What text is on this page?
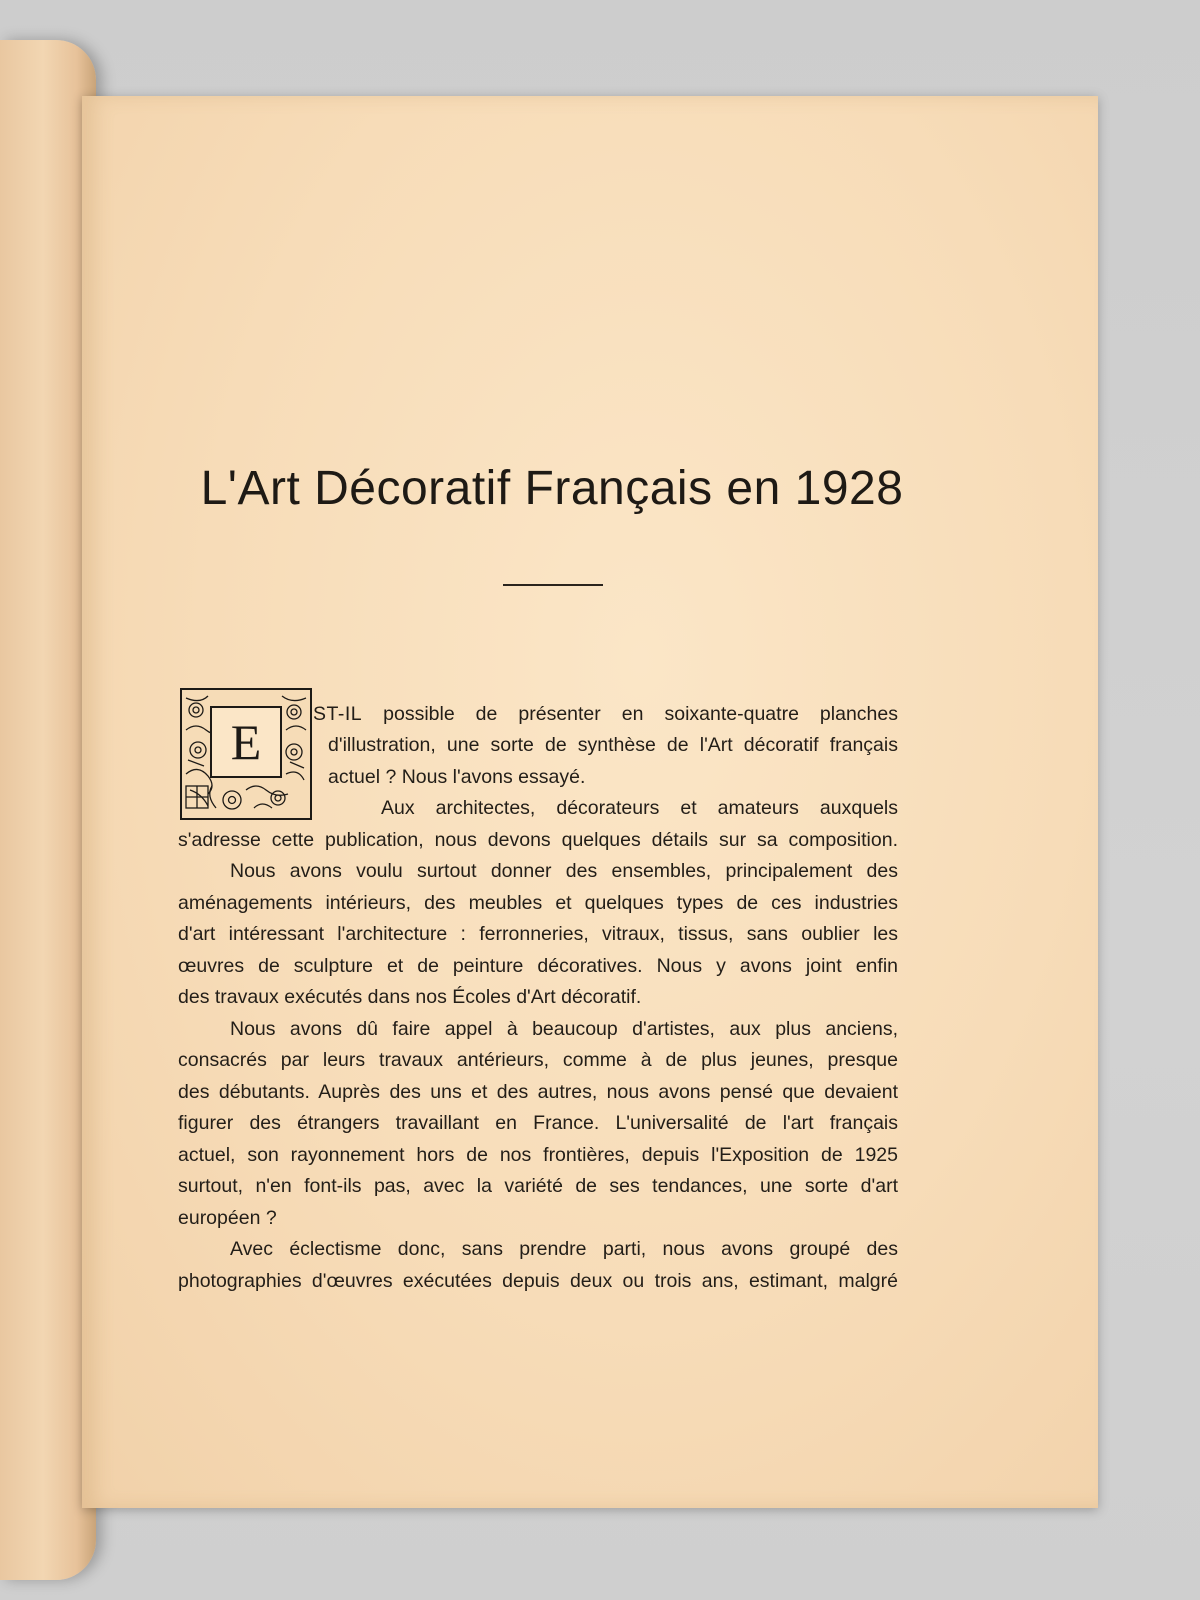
L'Art Décoratif Français en 1928
E	ST-IL possible de présenter en soixante-quatre planches
d'illustration, une sorte de synthèse de l'Art décoratif français
actuel ? Nous l'avons essayé.
Aux architectes, décorateurs et amateurs auxquels
s'adresse cette publication, nous devons quelques détails sur sa composition.
Nous avons voulu surtout donner des ensembles, principalement des
aménagements intérieurs, des meubles et quelques types de ces industries
d'art intéressant l'architecture : ferronneries, vitraux, tissus, sans oublier les
œuvres de sculpture et de peinture décoratives. Nous y avons joint enfin
des travaux exécutés dans nos Écoles d'Art décoratif.
Nous avons dû faire appel à beaucoup d'artistes, aux plus anciens,
consacrés par leurs travaux antérieurs, comme à de plus jeunes, presque
des débutants. Auprès des uns et des autres, nous avons pensé que devaient
figurer des étrangers travaillant en France. L'universalité de l'art français
actuel, son rayonnement hors de nos frontières, depuis l'Exposition de 1925
surtout, n'en font-ils pas, avec la variété de ses tendances, une sorte d'art
européen ?
Avec éclectisme donc, sans prendre parti, nous avons groupé des
photographies d'œuvres exécutées depuis deux ou trois ans, estimant, malgré
